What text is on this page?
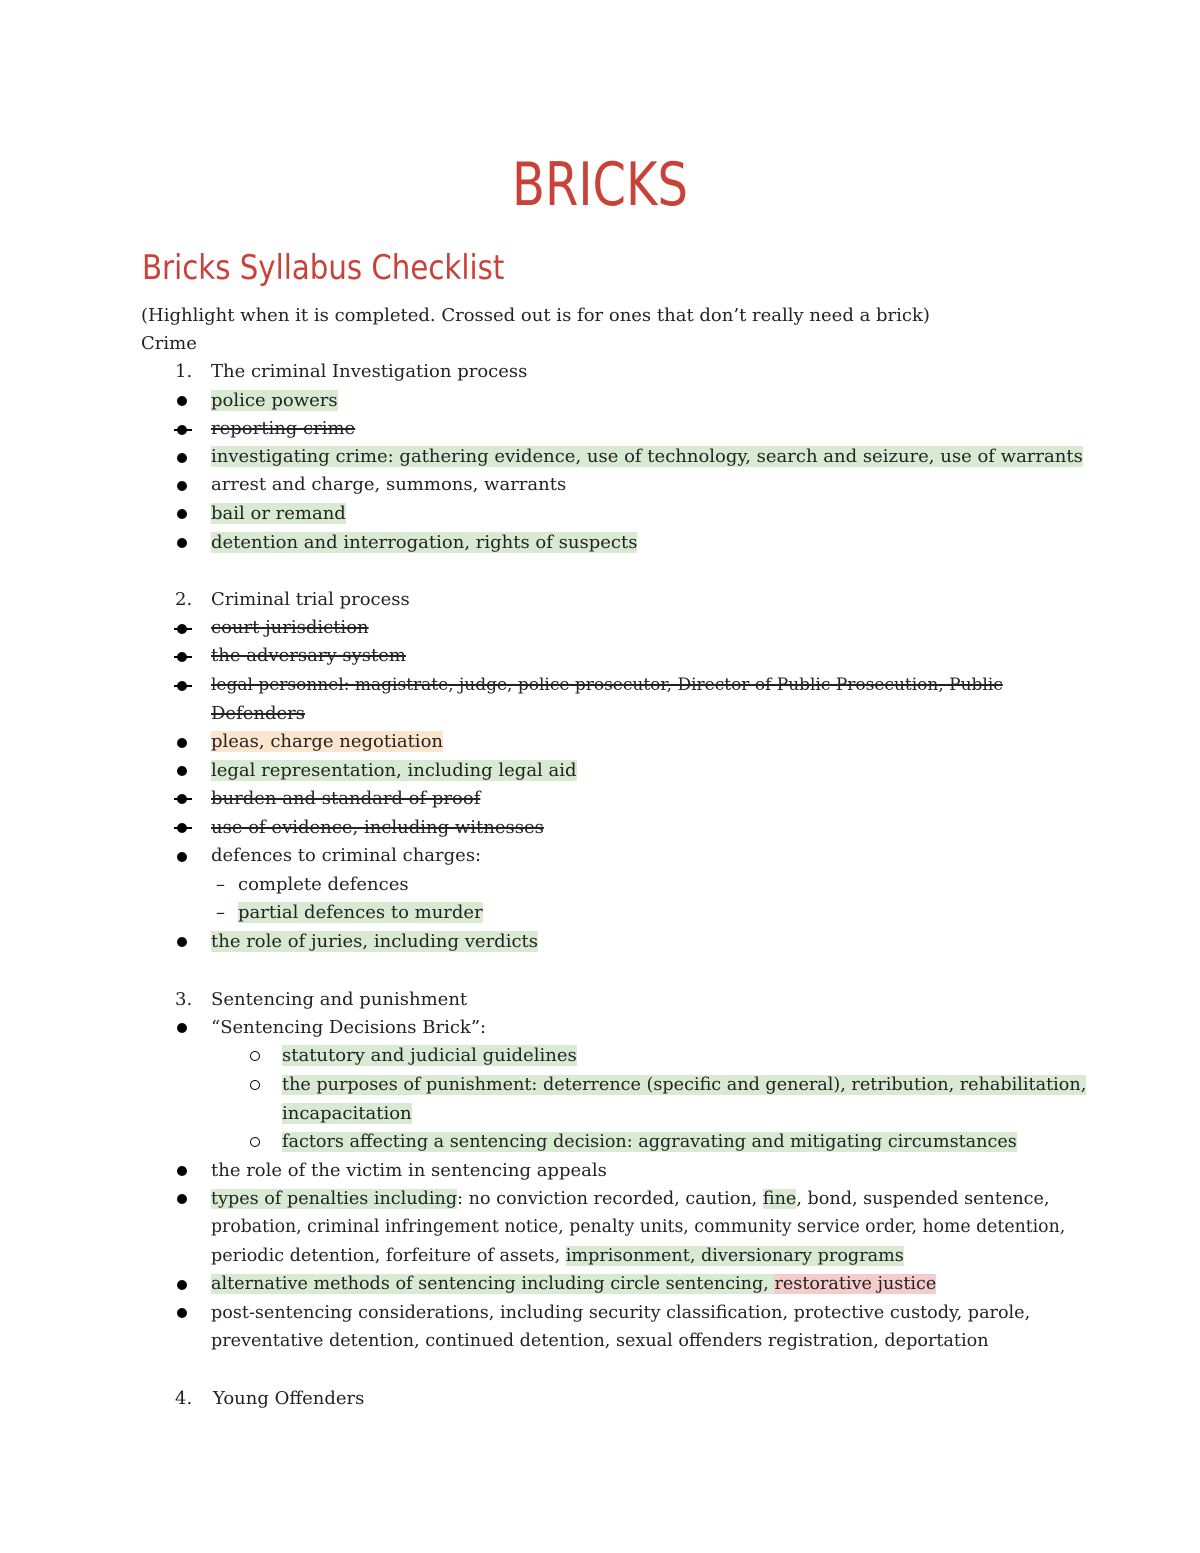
BRICKS
Bricks Syllabus Checklist
(Highlight when it is completed. Crossed out is for ones that don’t really need a brick)
Crime
1. The criminal Investigation process
police powers
reporting crime
investigating crime: gathering evidence, use of technology, search and seizure, use of warrants
arrest and charge, summons, warrants
bail or remand
detention and interrogation, rights of suspects
2. Criminal trial process
court jurisdiction
the adversary system
legal personnel: magistrate, judge, police prosecutor, Director of Public Prosecution, Public
Defenders
pleas, charge negotiation
legal representation, including legal aid
burden and standard of proof
use of evidence, including witnesses
defences to criminal charges:
– complete defences
– partial defences to murder
the role of juries, including verdicts
3. Sentencing and punishment
“Sentencing Decisions Brick”:
statutory and judicial guidelines
the purposes of punishment: deterrence (specific and general), retribution, rehabilitation,
incapacitation
factors affecting a sentencing decision: aggravating and mitigating circumstances
the role of the victim in sentencing appeals
types of penalties including: no conviction recorded, caution, fine, bond, suspended sentence,
probation, criminal infringement notice, penalty units, community service order, home detention,
periodic detention, forfeiture of assets, imprisonment, diversionary programs
alternative methods of sentencing including circle sentencing, restorative justice
post-sentencing considerations, including security classification, protective custody, parole,
preventative detention, continued detention, sexual offenders registration, deportation
4. Young Offenders
